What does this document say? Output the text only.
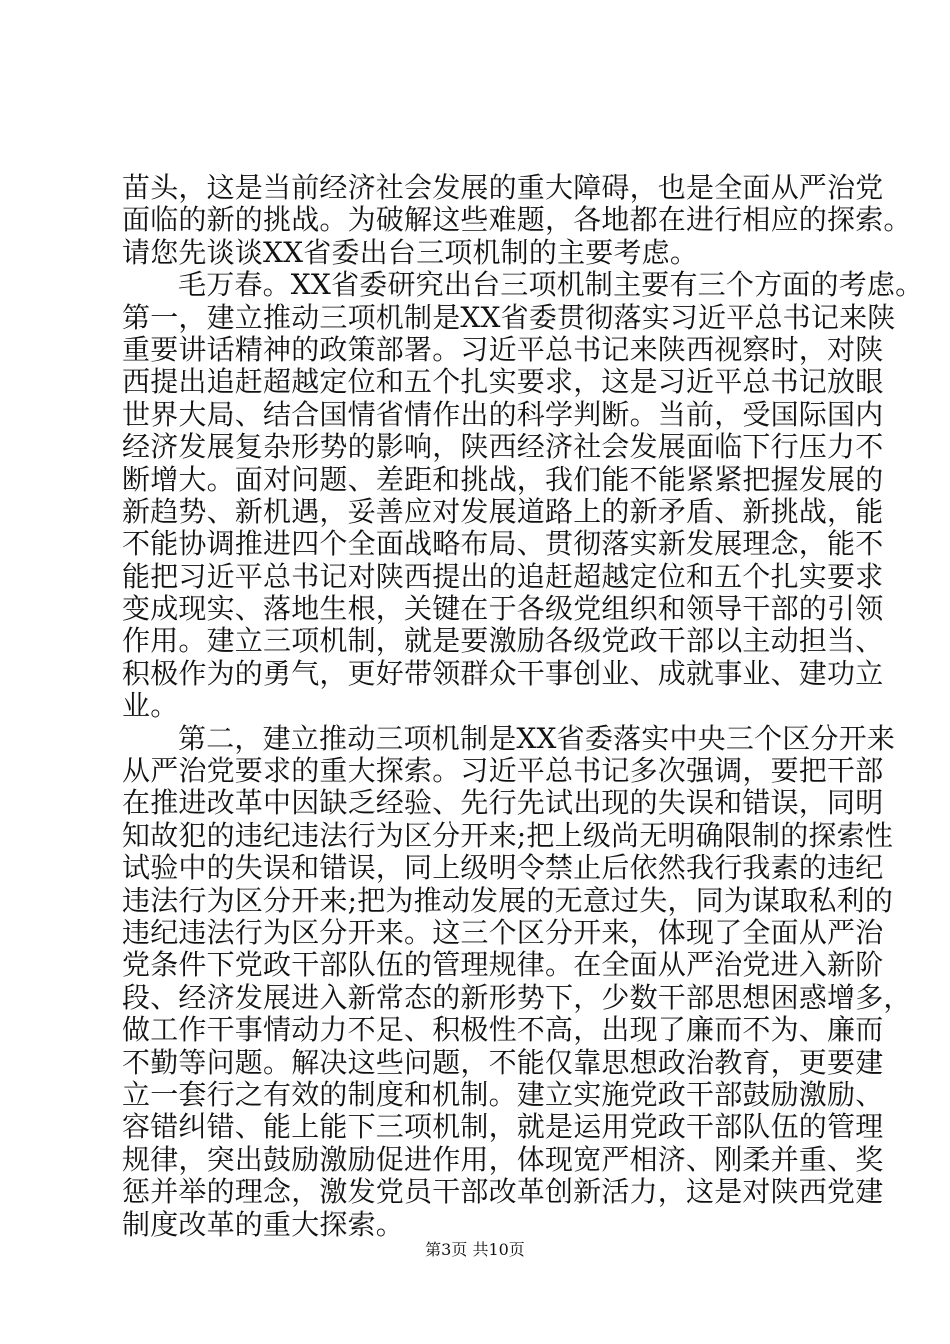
苗头，这是当前经济社会发展的重大障碍，也是全面从严治党
面临的新的挑战。为破解这些难题，各地都在进行相应的探索。
请您先谈谈XX省委出台三项机制的主要考虑。
毛万春。XX省委研究出台三项机制主要有三个方面的考虑。
第一，建立推动三项机制是XX省委贯彻落实习近平总书记来陕
重要讲话精神的政策部署。习近平总书记来陕西视察时，对陕
西提出追赶超越定位和五个扎实要求，这是习近平总书记放眼
世界大局、结合国情省情作出的科学判断。当前，受国际国内
经济发展复杂形势的影响，陕西经济社会发展面临下行压力不
断增大。面对问题、差距和挑战，我们能不能紧紧把握发展的
新趋势、新机遇，妥善应对发展道路上的新矛盾、新挑战，能
不能协调推进四个全面战略布局、贯彻落实新发展理念，能不
能把习近平总书记对陕西提出的追赶超越定位和五个扎实要求
变成现实、落地生根，关键在于各级党组织和领导干部的引领
作用。建立三项机制，就是要激励各级党政干部以主动担当、
积极作为的勇气，更好带领群众干事创业、成就事业、建功立
业。
第二，建立推动三项机制是XX省委落实中央三个区分开来
从严治党要求的重大探索。习近平总书记多次强调，要把干部
在推进改革中因缺乏经验、先行先试出现的失误和错误，同明
知故犯的违纪违法行为区分开来;把上级尚无明确限制的探索性
试验中的失误和错误，同上级明令禁止后依然我行我素的违纪
违法行为区分开来;把为推动发展的无意过失，同为谋取私利的
违纪违法行为区分开来。这三个区分开来，体现了全面从严治
党条件下党政干部队伍的管理规律。在全面从严治党进入新阶
段、经济发展进入新常态的新形势下，少数干部思想困惑增多，
做工作干事情动力不足、积极性不高，出现了廉而不为、廉而
不勤等问题。解决这些问题，不能仅靠思想政治教育，更要建
立一套行之有效的制度和机制。建立实施党政干部鼓励激励、
容错纠错、能上能下三项机制，就是运用党政干部队伍的管理
规律，突出鼓励激励促进作用，体现宽严相济、刚柔并重、奖
惩并举的理念，激发党员干部改革创新活力，这是对陕西党建
制度改革的重大探索。
第3页 共10页
